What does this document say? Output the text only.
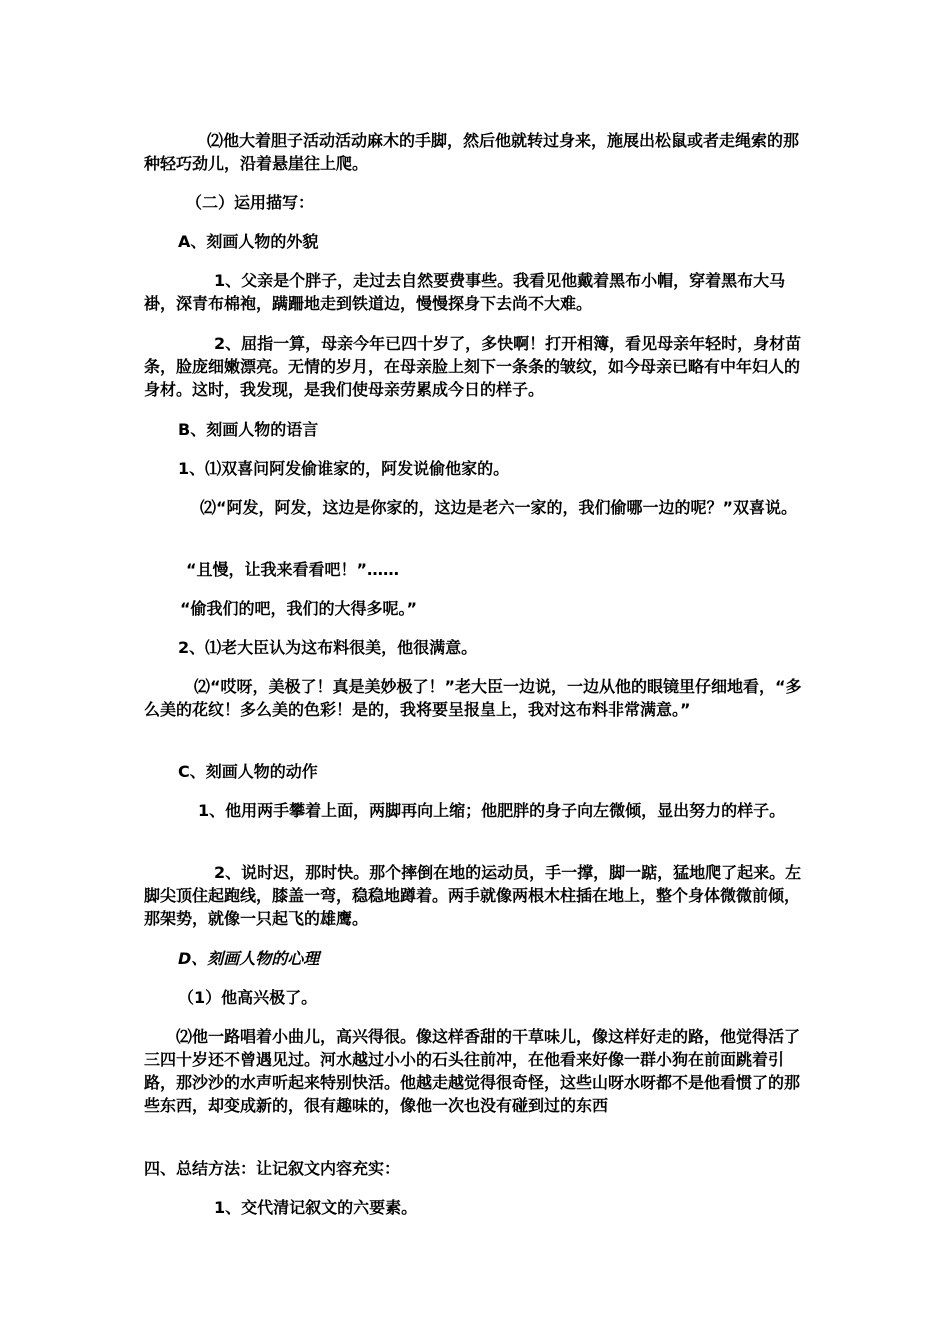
⑵他大着胆子活动活动麻木的手脚，然后他就转过身来，施展出松鼠或者走绳索的那种轻巧劲儿，沿着悬崖往上爬。

（二）运用描写：

A、刻画人物的外貌

1、父亲是个胖子，走过去自然要费事些。我看见他戴着黑布小帽，穿着黑布大马褂，深青布棉袍，蹒跚地走到铁道边，慢慢探身下去尚不大难。

2、屈指一算，母亲今年已四十岁了，多快啊！打开相簿，看见母亲年轻时，身材苗条，脸庞细嫩漂亮。无情的岁月，在母亲脸上刻下一条条的皱纹，如今母亲已略有中年妇人的身材。这时，我发现，是我们使母亲劳累成今日的样子。

B、刻画人物的语言

1、⑴双喜问阿发偷谁家的，阿发说偷他家的。

⑵“阿发，阿发，这边是你家的，这边是老六一家的，我们偷哪一边的呢？”双喜说。

“且慢，让我来看看吧！”……

“偷我们的吧，我们的大得多呢。”

2、⑴老大臣认为这布料很美，他很满意。

⑵“哎呀，美极了！真是美妙极了！”老大臣一边说，一边从他的眼镜里仔细地看，“多么美的花纹！多么美的色彩！是的，我将要呈报皇上，我对这布料非常满意。”

C、刻画人物的动作

1、他用两手攀着上面，两脚再向上缩；他肥胖的身子向左微倾，显出努力的样子。

2、说时迟，那时快。那个摔倒在地的运动员，手一撑，脚一踮，猛地爬了起来。左脚尖顶住起跑线，膝盖一弯，稳稳地蹲着。两手就像两根木柱插在地上，整个身体微微前倾，那架势，就像一只起飞的雄鹰。

D、刻画人物的心理

（1）他高兴极了。

⑵他一路唱着小曲儿，高兴得很。像这样香甜的干草味儿，像这样好走的路，他觉得活了三四十岁还不曾遇见过。河水越过小小的石头往前冲，在他看来好像一群小狗在前面跳着引路，那沙沙的水声听起来特别快活。他越走越觉得很奇怪，这些山呀水呀都不是他看惯了的那些东西，却变成新的，很有趣味的，像他一次也没有碰到过的东西

四、总结方法：让记叙文内容充实：

1、交代清记叙文的六要素。
